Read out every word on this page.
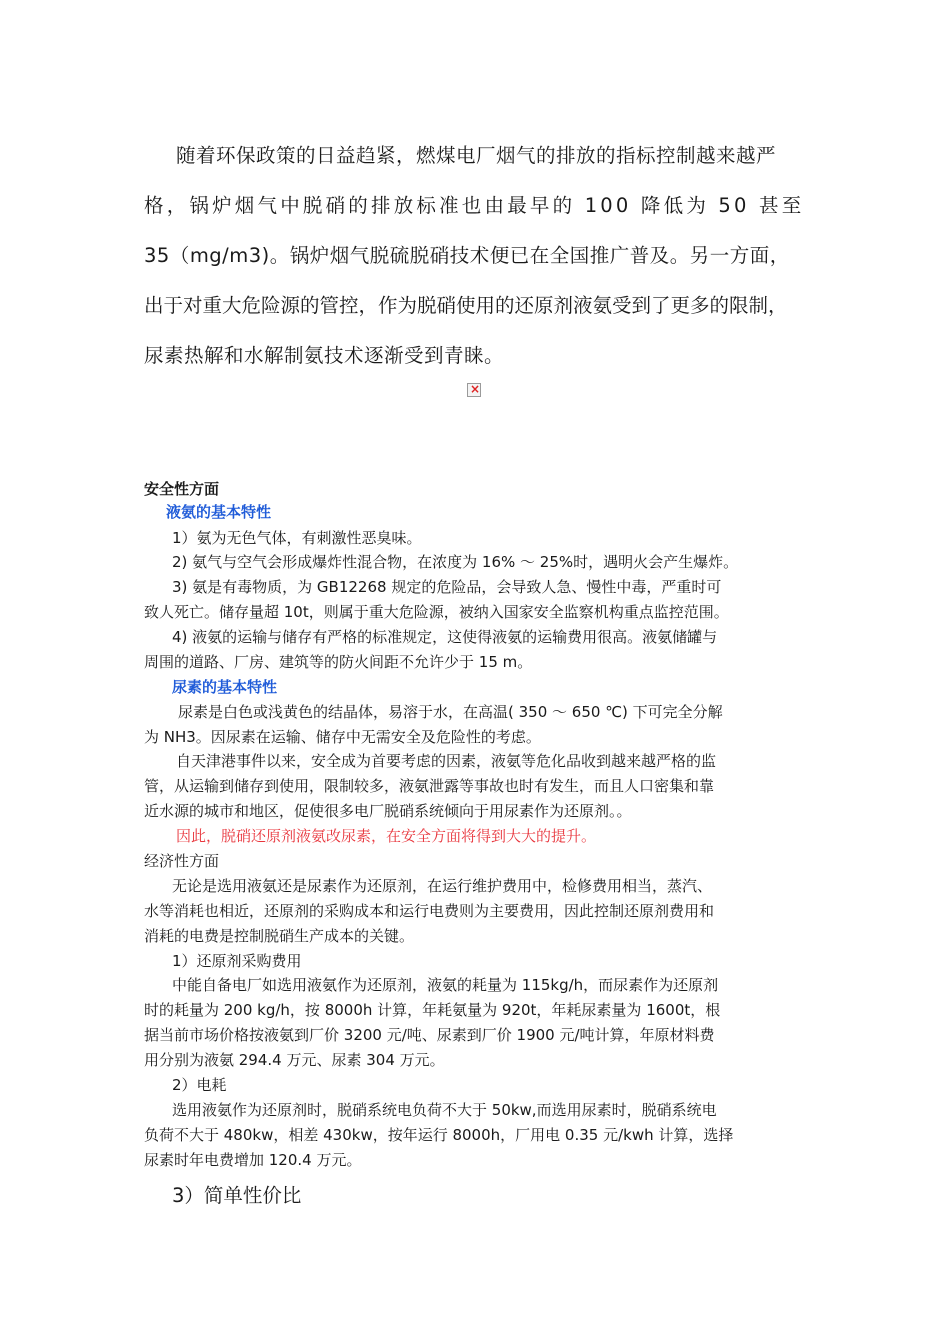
随着环保政策的日益趋紧，燃煤电厂烟气的排放的指标控制越来越严
格，锅炉烟气中脱硝的排放标准也由最早的 100 降低为 50 甚至
35（mg/m3)。锅炉烟气脱硫脱硝技术便已在全国推广普及。另一方面，
出于对重大危险源的管控，作为脱硝使用的还原剂液氨受到了更多的限制，
尿素热解和水解制氨技术逐渐受到青睐。
×
安全性方面
液氨的基本特性
1）氨为无色气体，有刺激性恶臭味。
2) 氨气与空气会形成爆炸性混合物，在浓度为 16% ～ 25%时，遇明火会产生爆炸。
3) 氨是有毒物质，为 GB12268 规定的危险品，会导致人急、慢性中毒，严重时可
致人死亡。储存量超 10t，则属于重大危险源，被纳入国家安全监察机构重点监控范围。
4) 液氨的运输与储存有严格的标准规定，这使得液氨的运输费用很高。液氨储罐与
周围的道路、厂房、建筑等的防火间距不允许少于 15 m。
尿素的基本特性
尿素是白色或浅黄色的结晶体，易溶于水，在高温( 350 ～ 650 ℃) 下可完全分解
为 NH3。因尿素在运输、储存中无需安全及危险性的考虑。
自天津港事件以来，安全成为首要考虑的因素，液氨等危化品收到越来越严格的监
管，从运输到储存到使用，限制较多，液氨泄露等事故也时有发生，而且人口密集和靠
近水源的城市和地区，促使很多电厂脱硝系统倾向于用尿素作为还原剂。。
因此，脱硝还原剂液氨改尿素，在安全方面将得到大大的提升。
经济性方面
无论是选用液氨还是尿素作为还原剂，在运行维护费用中，检修费用相当，蒸汽、
水等消耗也相近，还原剂的采购成本和运行电费则为主要费用，因此控制还原剂费用和
消耗的电费是控制脱硝生产成本的关键。
1）还原剂采购费用
中能自备电厂如选用液氨作为还原剂，液氨的耗量为 115kg/h，而尿素作为还原剂
时的耗量为 200 kg/h，按 8000h 计算，年耗氨量为 920t，年耗尿素量为 1600t，根
据当前市场价格按液氨到厂价 3200 元/吨、尿素到厂价 1900 元/吨计算，年原材料费
用分别为液氨 294.4 万元、尿素 304 万元。
2）电耗
选用液氨作为还原剂时，脱硝系统电负荷不大于 50kw,而选用尿素时，脱硝系统电
负荷不大于 480kw，相差 430kw，按年运行 8000h，厂用电 0.35 元/kwh 计算，选择
尿素时年电费增加 120.4 万元。
3）简单性价比
